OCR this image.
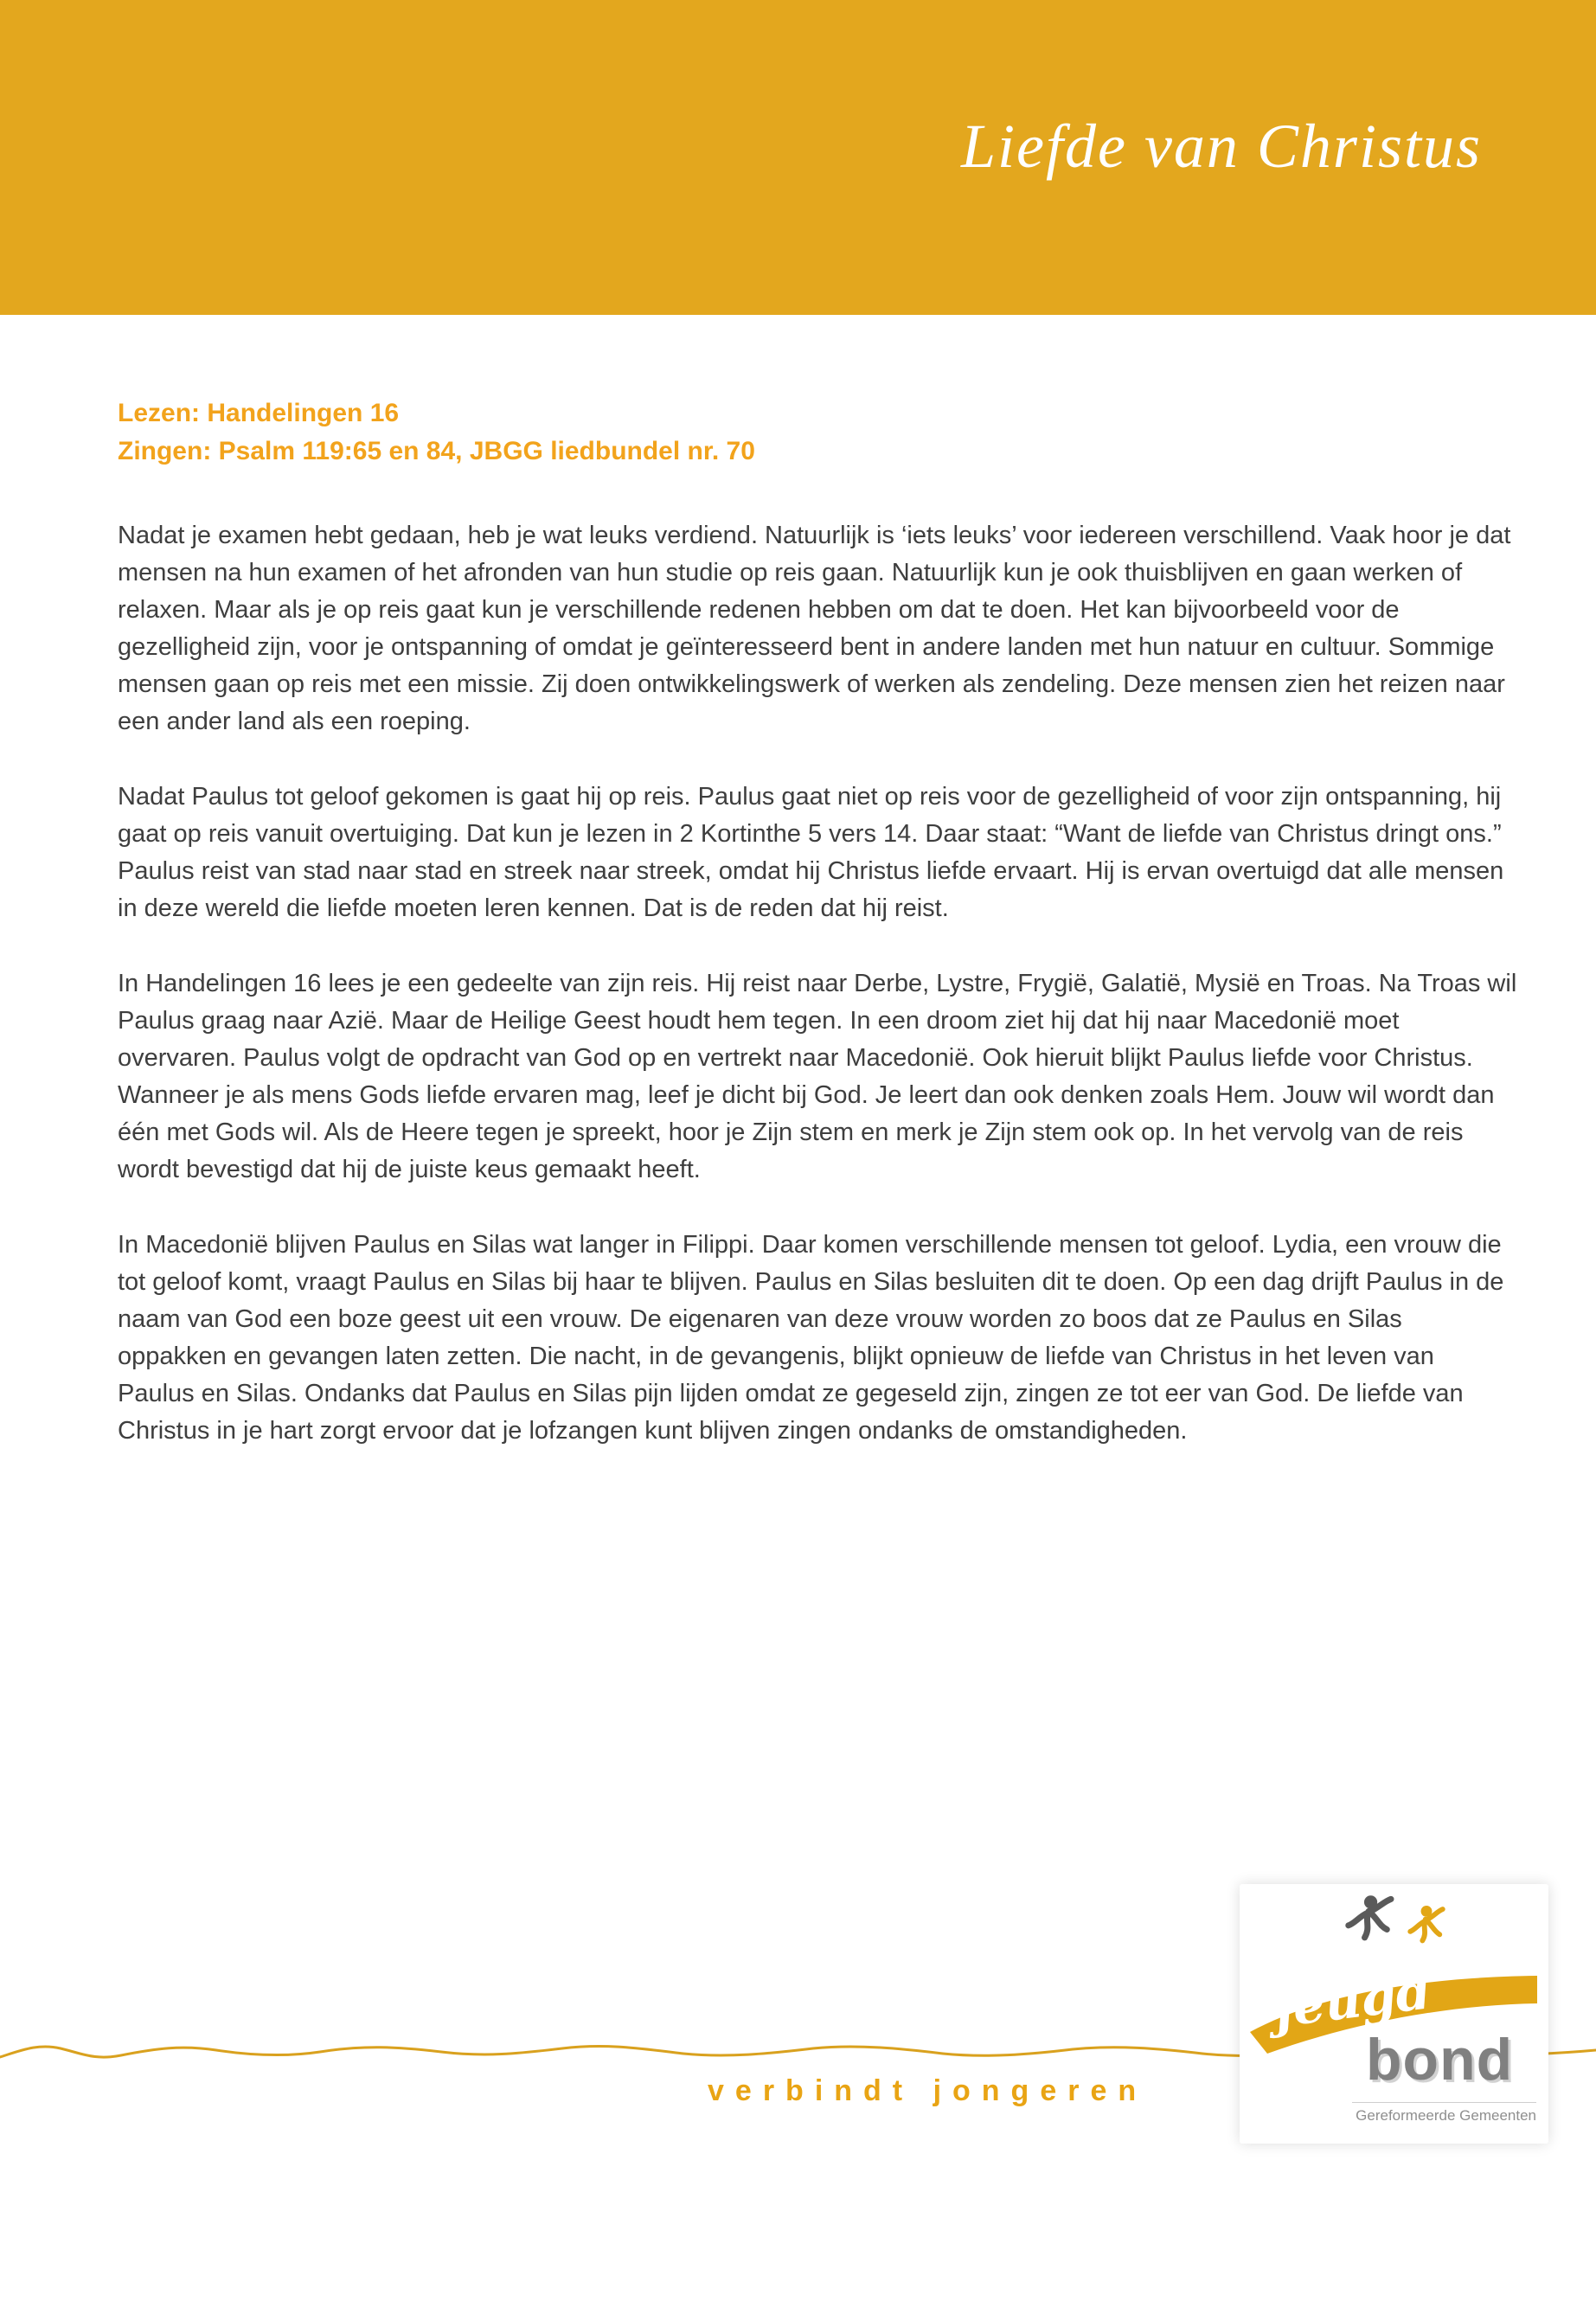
Liefde van Christus

Lezen: Handelingen 16

Zingen: Psalm 119:65 en 84, JBGG liedbundel nr. 70

Nadat je examen hebt gedaan, heb je wat leuks verdiend. Natuurlijk is ‘iets leuks’ voor iedereen verschillend. Vaak hoor je dat mensen na hun examen of het afronden van hun studie op reis gaan. Natuurlijk kun je ook thuisblijven en gaan werken of relaxen. Maar als je op reis gaat kun je verschillende redenen hebben om dat te doen. Het kan bijvoorbeeld voor de gezelligheid zijn, voor je ontspanning of omdat je geïnteresseerd bent in andere landen met hun natuur en cultuur. Sommige mensen gaan op reis met een missie. Zij doen ontwikkelingswerk of werken als zendeling. Deze mensen zien het reizen naar een ander land als een roeping.

Nadat Paulus tot geloof gekomen is gaat hij op reis. Paulus gaat niet op reis voor de gezelligheid of voor zijn ontspanning, hij gaat op reis vanuit overtuiging. Dat kun je lezen in 2 Kortinthe 5 vers 14. Daar staat: “Want de liefde van Christus dringt ons.” Paulus reist van stad naar stad en streek naar streek, omdat hij Christus liefde ervaart. Hij is ervan overtuigd dat alle mensen in deze wereld die liefde moeten leren kennen. Dat is de reden dat hij reist.

In Handelingen 16 lees je een gedeelte van zijn reis. Hij reist naar Derbe, Lystre, Frygië, Galatië, Mysië en Troas. Na Troas wil Paulus graag naar Azië. Maar de Heilige Geest houdt hem tegen. In een droom ziet hij dat hij naar Macedonië moet overvaren. Paulus volgt de opdracht van God op en vertrekt naar Macedonië. Ook hieruit blijkt Paulus liefde voor Christus. Wanneer je als mens Gods liefde ervaren mag, leef je dicht bij God. Je leert dan ook denken zoals Hem. Jouw wil wordt dan één met Gods wil. Als de Heere tegen je spreekt, hoor je Zijn stem en merk je Zijn stem ook op. In het vervolg van de reis wordt bevestigd dat hij de juiste keus gemaakt heeft.

In Macedonië blijven Paulus en Silas wat langer in Filippi. Daar komen verschillende mensen tot geloof. Lydia, een vrouw die tot geloof komt, vraagt Paulus en Silas bij haar te blijven. Paulus en Silas besluiten dit te doen. Op een dag drijft Paulus in de naam van God een boze geest uit een vrouw. De eigenaren van deze vrouw worden zo boos dat ze Paulus en Silas oppakken en gevangen laten zetten. Die nacht, in de gevangenis, blijkt opnieuw de liefde van Christus in het leven van Paulus en Silas. Ondanks dat Paulus en Silas pijn lijden omdat ze gegeseld zijn, zingen ze tot eer van God. De liefde van Christus in je hart zorgt ervoor dat je lofzangen kunt blijven zingen ondanks de omstandigheden.

verbindt jongeren
jeugd
bond
Gereformeerde Gemeenten
